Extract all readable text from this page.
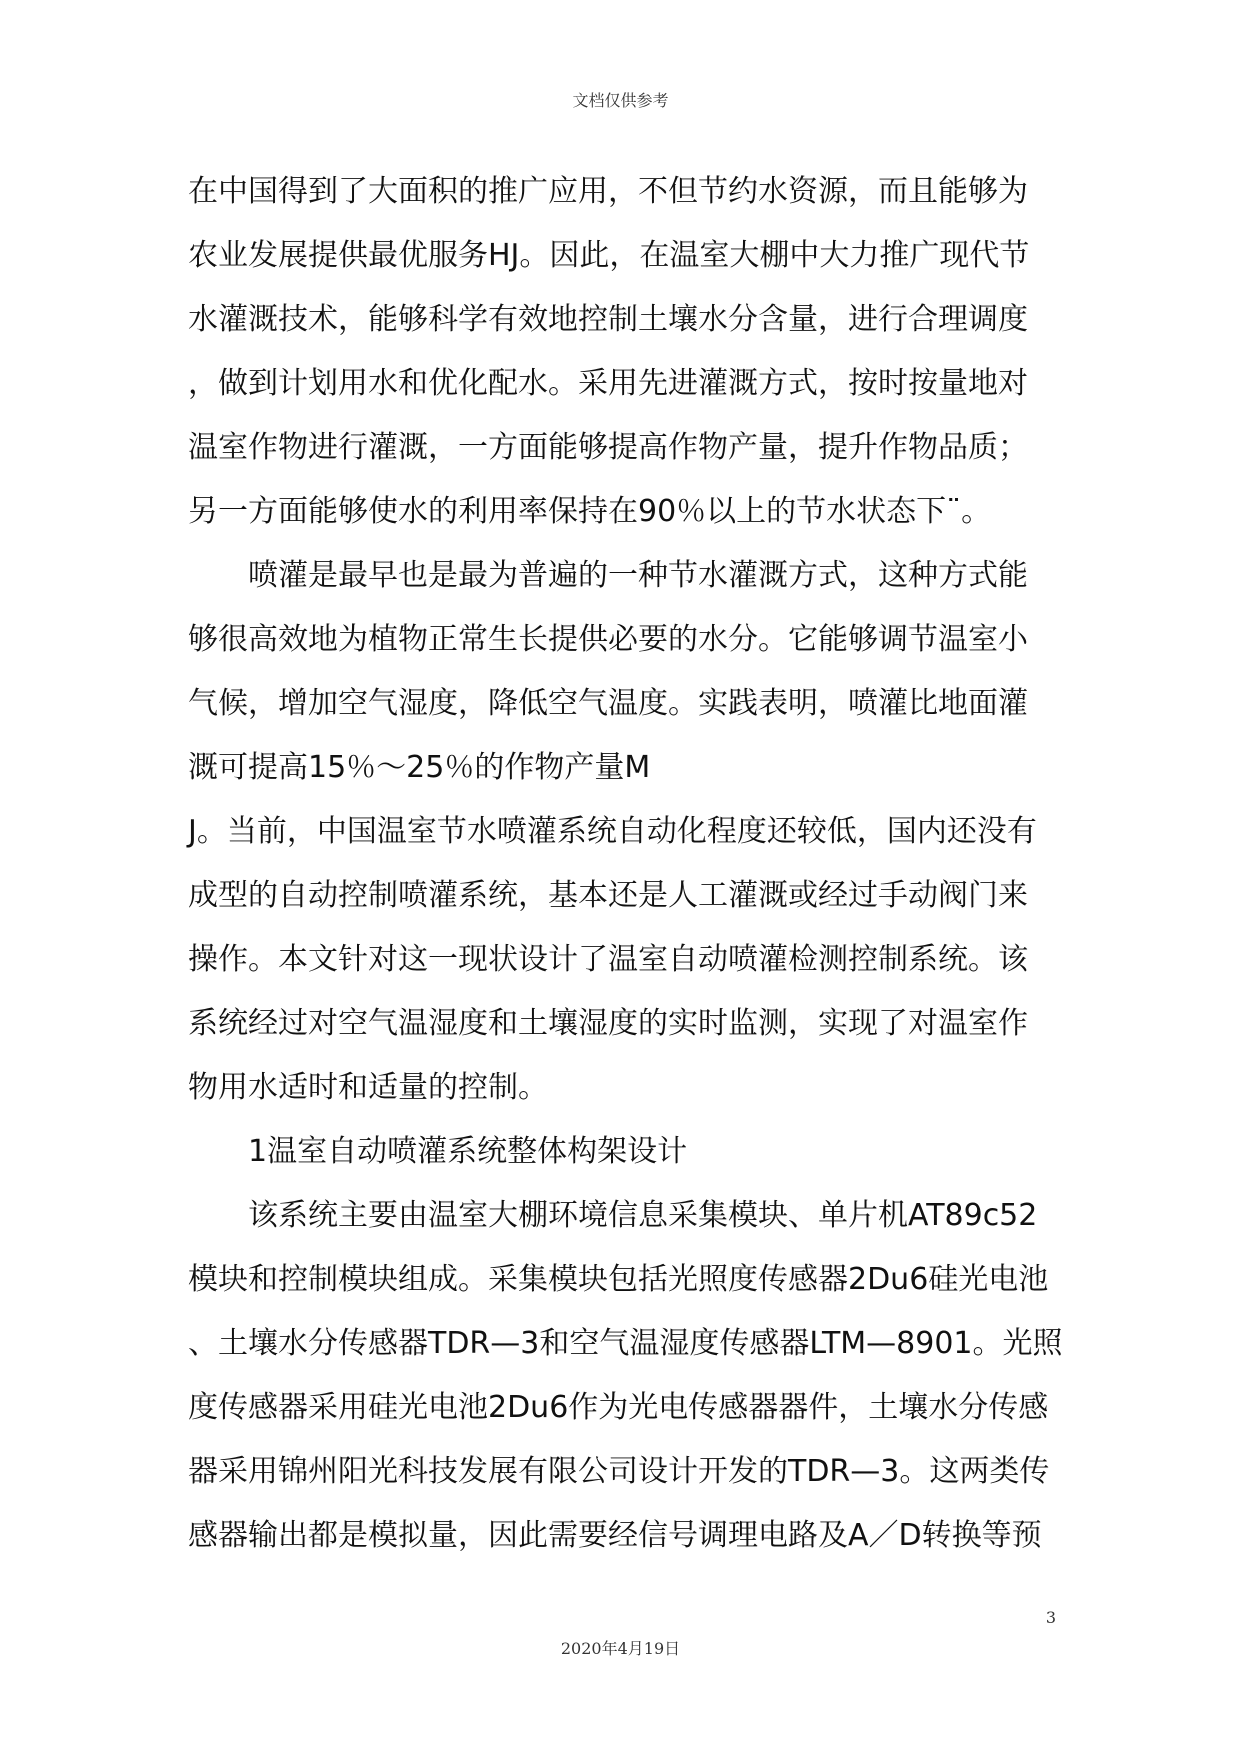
文档仅供参考
在中国得到了大面积的推广应用，不但节约水资源，而且能够为
农业发展提供最优服务HJ。因此，在温室大棚中大力推广现代节
水灌溉技术，能够科学有效地控制土壤水分含量，进行合理调度
，做到计划用水和优化配水。采用先进灌溉方式，按时按量地对
温室作物进行灌溉，一方面能够提高作物产量，提升作物品质；
另一方面能够使水的利用率保持在90％以上的节水状态下¨。
喷灌是最早也是最为普遍的一种节水灌溉方式，这种方式能
够很高效地为植物正常生长提供必要的水分。它能够调节温室小
气候，增加空气湿度，降低空气温度。实践表明，喷灌比地面灌
溉可提高15％～25％的作物产量M
J。当前，中国温室节水喷灌系统自动化程度还较低，国内还没有
成型的自动控制喷灌系统，基本还是人工灌溉或经过手动阀门来
操作。本文针对这一现状设计了温室自动喷灌检测控制系统。该
系统经过对空气温湿度和土壤湿度的实时监测，实现了对温室作
物用水适时和适量的控制。
1温室自动喷灌系统整体构架设计
该系统主要由温室大棚环境信息采集模块、单片机AT89c52
模块和控制模块组成。采集模块包括光照度传感器2Du6硅光电池
、土壤水分传感器TDR—3和空气温湿度传感器LTM—8901。光照
度传感器采用硅光电池2Du6作为光电传感器器件，土壤水分传感
器采用锦州阳光科技发展有限公司设计开发的TDR—3。这两类传
感器输出都是模拟量，因此需要经信号调理电路及A／D转换等预
3
2020年4月19日
